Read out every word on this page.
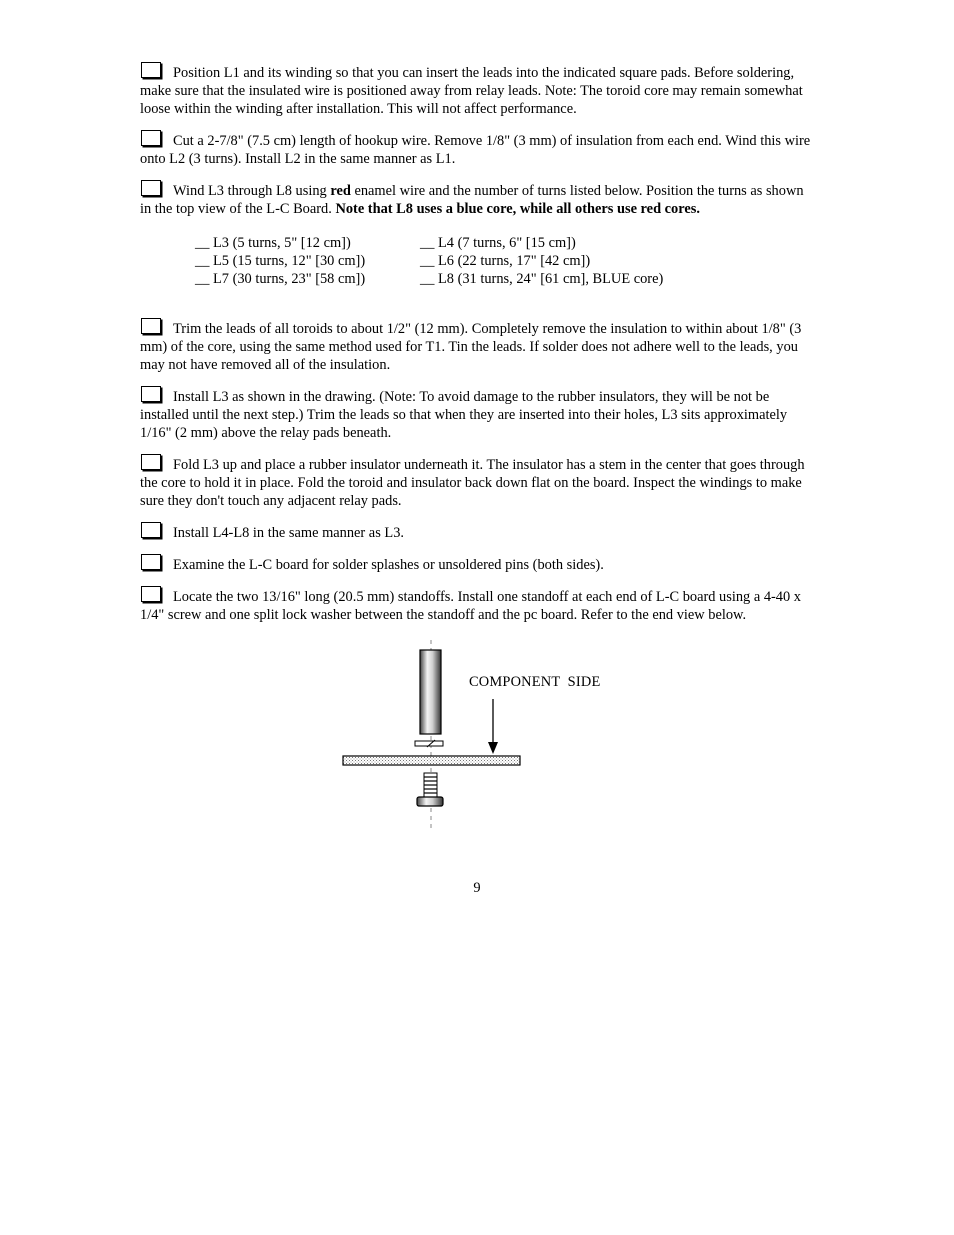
Position L1 and its winding so that you can insert the leads into the indicated square pads. Before soldering, make sure that the insulated wire is positioned away from relay leads. Note: The toroid core may remain somewhat loose within the winding after installation. This will not affect performance.
Cut a 2-7/8" (7.5 cm) length of hookup wire. Remove 1/8" (3 mm) of insulation from each end. Wind this wire onto L2 (3 turns). Install L2 in the same manner as L1.
Wind L3 through L8 using red enamel wire and the number of turns listed below. Position the turns as shown in the top view of the L-C Board. Note that L8 uses a blue core, while all others use red cores.
__ L3 (5 turns, 5" [12 cm])	__ L4 (7 turns, 6" [15 cm])
__ L5 (15 turns, 12" [30 cm])	__ L6 (22 turns, 17" [42 cm])
__ L7 (30 turns, 23" [58 cm])	__ L8 (31 turns, 24" [61 cm], BLUE core)
Trim the leads of all toroids to about 1/2" (12 mm). Completely remove the insulation to within about 1/8" (3 mm) of the core, using the same method used for T1. Tin the leads. If solder does not adhere well to the leads, you may not have removed all of the insulation.
Install L3 as shown in the drawing. (Note: To avoid damage to the rubber insulators, they will be not be installed until the next step.) Trim the leads so that when they are inserted into their holes, L3 sits approximately 1/16" (2 mm) above the relay pads beneath.
Fold L3 up and place a rubber insulator underneath it. The insulator has a stem in the center that goes through the core to hold it in place. Fold the toroid and insulator back down flat on the board. Inspect the windings to make sure they don't touch any adjacent relay pads.
Install L4-L8 in the same manner as L3.
Examine the L-C board for solder splashes or unsoldered pins (both sides).
Locate the two 13/16" long (20.5 mm) standoffs. Install one standoff at each end of L-C board using a 4-40 x 1/4" screw and one split lock washer between the standoff and the pc board. Refer to the end view below.
COMPONENT  SIDE
9
